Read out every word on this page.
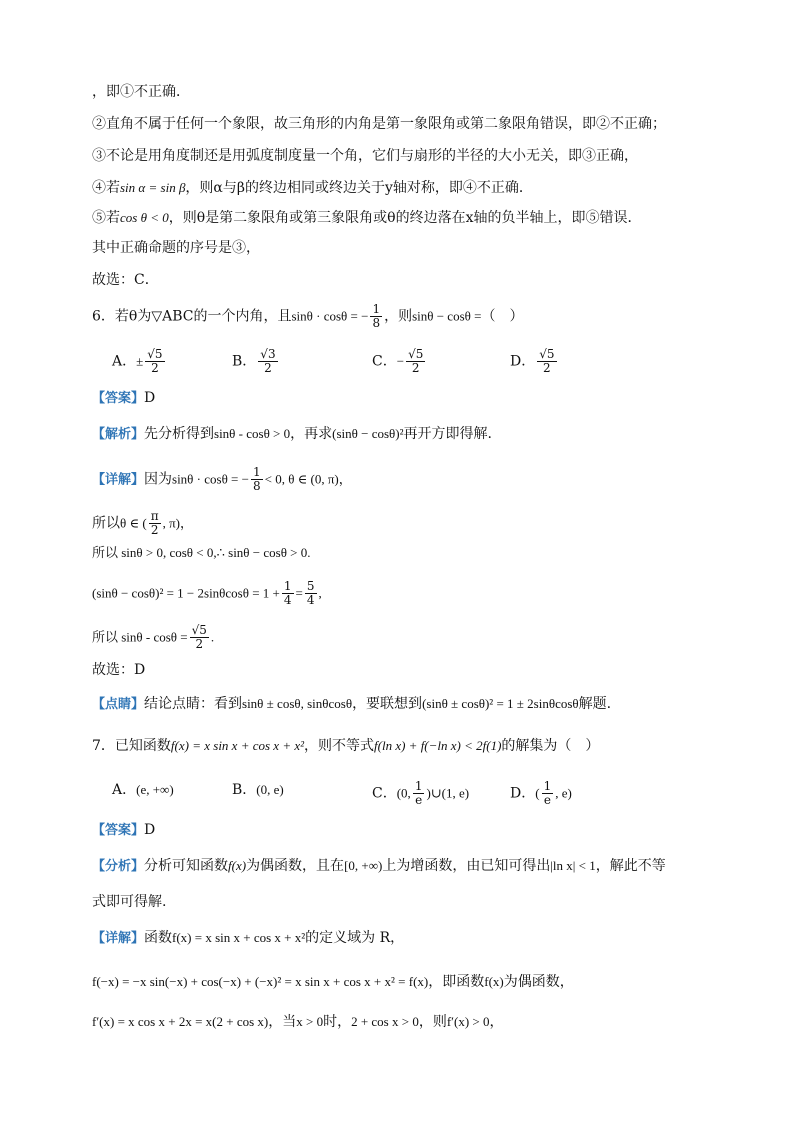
，即①不正确．
②直角不属于任何一个象限，故三角形的内角是第一象限角或第二象限角错误，即②不正确；
③不论是用角度制还是用弧度制度量一个角，它们与扇形的半径的大小无关，即③正确，
④若sin α = sin β，则α与β的终边相同或终边关于y轴对称，即④不正确．
⑤若cos θ < 0，则θ是第二象限角或第三象限角或θ的终边落在x轴的负半轴上，即⑤错误．
其中正确命题的序号是③，
故选：C．
6．若θ为▽ABC的一个内角，且sinθ · cosθ = − $\frac{1}{8}$ ，则sinθ − cosθ =（　）
A．± $\frac{√5}{2}$	B． $\frac{√3}{2}$	C．− $\frac{√5}{2}$	D． $\frac{√5}{2}$
【答案】D
【解析】先分析得到sinθ - cosθ > 0，再求(sinθ − cosθ)²再开方即得解.
【详解】因为sinθ · cosθ = − $\frac{1}{8} < 0$, θ ∈ (0, π)，
所以θ ∈ ( $\frac{\pi}{2}$ , π)，
所以 sinθ > 0, cosθ < 0,∴ sinθ − cosθ > 0.
$(\sin\theta - \cos\theta)^2 = 1 - 2\sin\theta\cos\theta = 1 + \frac{1}{4} = \frac{5}{4}$ ,
所以 $\sin\theta - \cos\theta = \frac{√5}{2}$ .
故选：D
【点睛】结论点睛：看到sinθ ± cosθ, sinθcosθ，要联想到(sinθ ± cosθ)² = 1 ± 2sinθcosθ解题.
7．已知函数f(x) = x sin x + cos x + x²，则不等式f(ln x) + f(−ln x) < 2f(1)的解集为（　）
A．(e, +∞)	B．(0, e)	C．(0, $\frac{1}{e}$ )∪(1, e)	D．( $\frac{1}{e}$ , e)
【答案】D
【分析】分析可知函数f(x)为偶函数，且在[0, +∞)上为增函数，由已知可得出|ln x| < 1，解此不等
式即可得解.
【详解】函数f(x) = x sin x + cos x + x²的定义域为 R，
f(−x) = −x sin(−x) + cos(−x) + (−x)² = x sin x + cos x + x² = f(x)，即函数f(x)为偶函数，
f′(x) = x cos x + 2x = x(2 + cos x)，当x > 0时，2 + cos x > 0，则f′(x) > 0，
